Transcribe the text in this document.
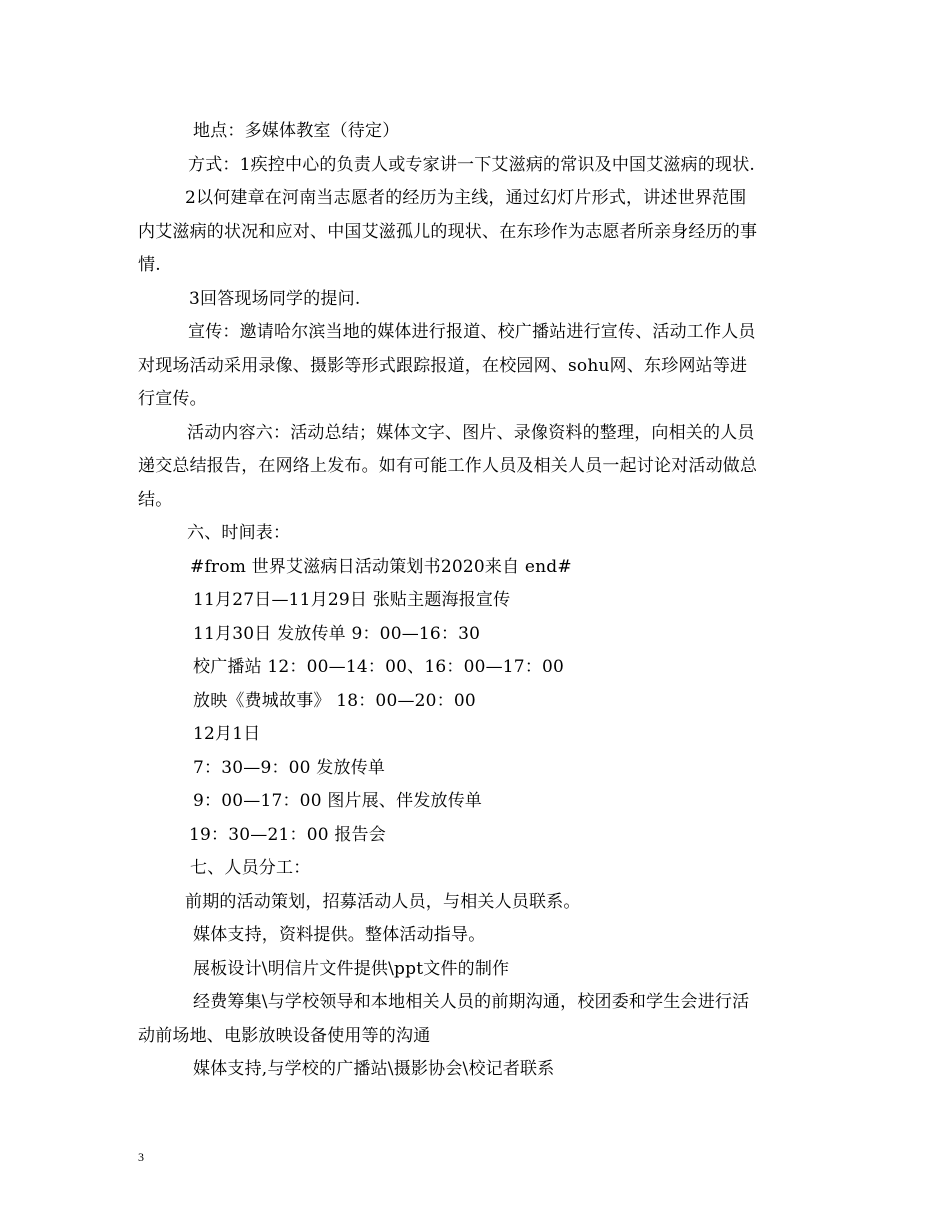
地点：多媒体教室（待定）
方式：1疾控中心的负责人或专家讲一下艾滋病的常识及中国艾滋病的现状.
2以何建章在河南当志愿者的经历为主线，通过幻灯片形式，讲述世界范围
内艾滋病的状况和应对、中国艾滋孤儿的现状、在东珍作为志愿者所亲身经历的事
情.
3回答现场同学的提问.
宣传：邀请哈尔滨当地的媒体进行报道、校广播站进行宣传、活动工作人员
对现场活动采用录像、摄影等形式跟踪报道，在校园网、sohu网、东珍网站等进
行宣传。
活动内容六：活动总结；媒体文字、图片、录像资料的整理，向相关的人员
递交总结报告，在网络上发布。如有可能工作人员及相关人员一起讨论对活动做总
结。
六、时间表：
#from 世界艾滋病日活动策划书2020来自 end#
11月27日—11月29日 张贴主题海报宣传
11月30日 发放传单 9：00—16：30
校广播站 12：00—14：00、16：00—17：00
放映《费城故事》 18：00—20：00
12月1日
7：30—9：00 发放传单
9：00—17：00 图片展、伴发放传单
19：30—21：00 报告会
七、人员分工：
前期的活动策划，招募活动人员，与相关人员联系。
媒体支持，资料提供。整体活动指导。
展板设计\明信片文件提供\ppt文件的制作
经费筹集\与学校领导和本地相关人员的前期沟通，校团委和学生会进行活
动前场地、电影放映设备使用等的沟通
媒体支持,与学校的广播站\摄影协会\校记者联系
3
